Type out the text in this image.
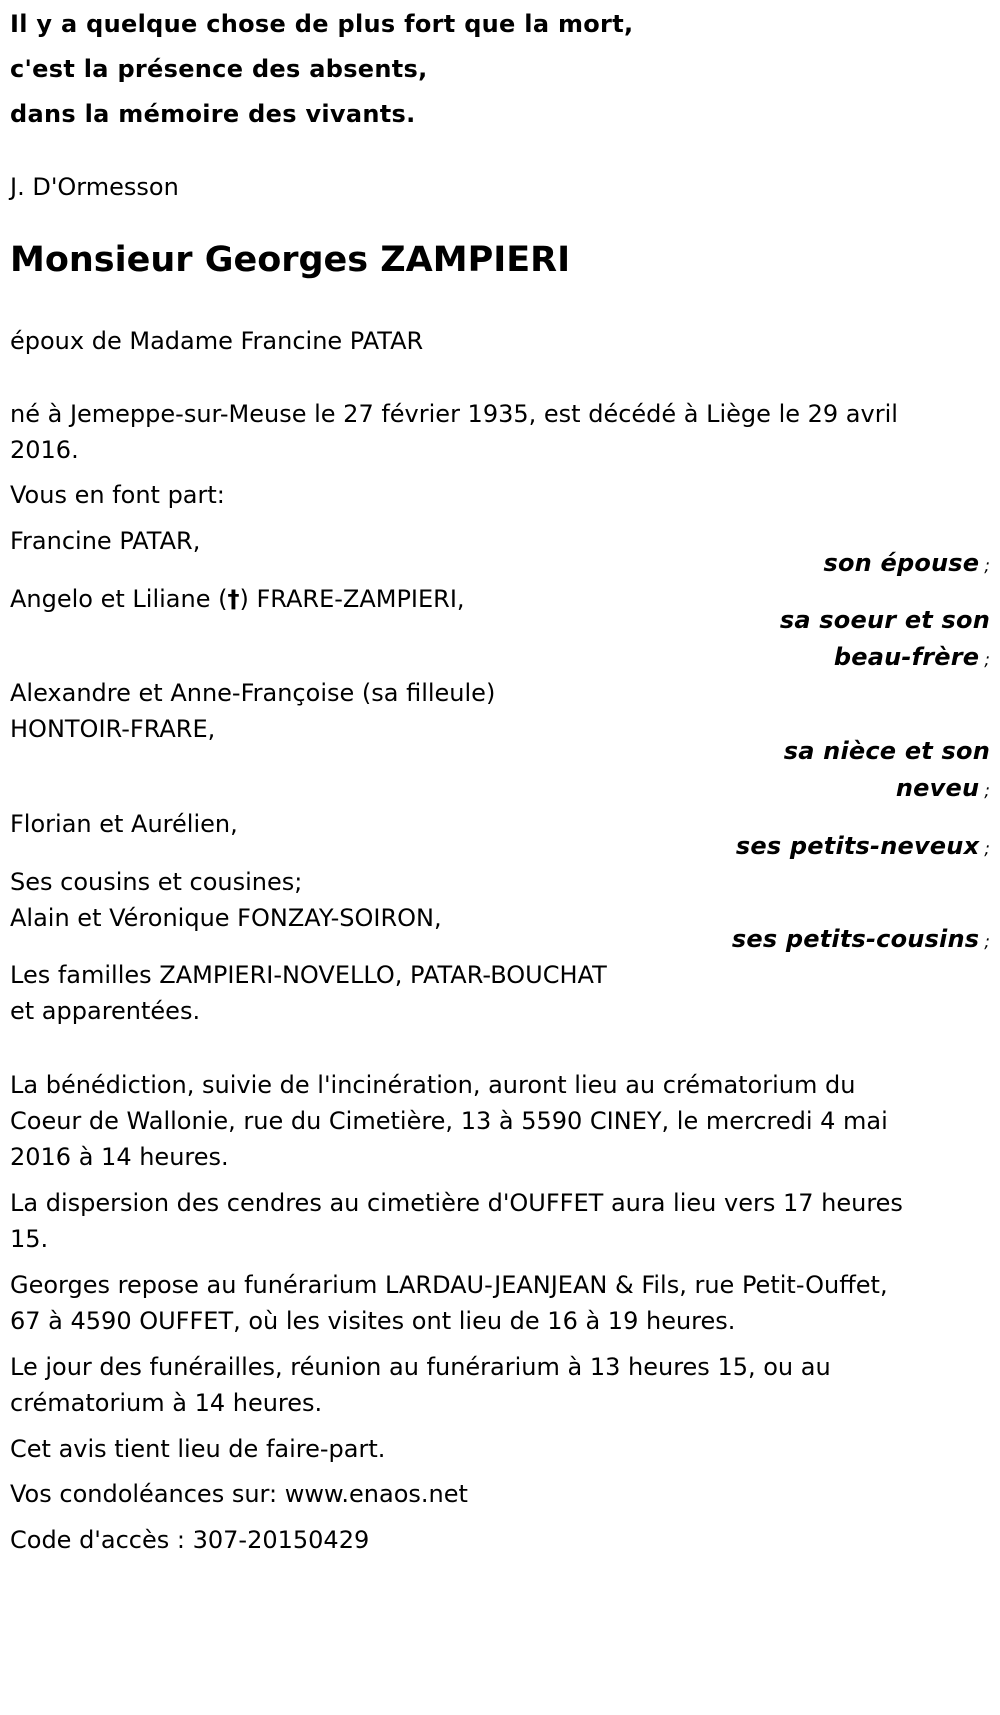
Il y a quelque chose de plus fort que la mort,

c'est la présence des absents,

dans la mémoire des vivants.

J. D'Ormesson

Monsieur Georges ZAMPIERI

époux de Madame Francine PATAR

né à Jemeppe-sur-Meuse le 27 février 1935, est décédé à Liège le 29 avril

2016.

Vous en font part:

Francine PATAR,

son épouse ;

Angelo et Liliane (†) FRARE-ZAMPIERI,

sa soeur et son

beau-frère ;

Alexandre et Anne-Françoise (sa filleule)

HONTOIR-FRARE,

sa nièce et son

neveu ;

Florian et Aurélien,

ses petits-neveux ;

Ses cousins et cousines;

Alain et Véronique FONZAY-SOIRON,

ses petits-cousins ;

Les familles ZAMPIERI-NOVELLO, PATAR-BOUCHAT

et apparentées.

La bénédiction, suivie de l'incinération, auront lieu au crématorium du

Coeur de Wallonie, rue du Cimetière, 13 à 5590 CINEY, le mercredi 4 mai

2016 à 14 heures.

La dispersion des cendres au cimetière d'OUFFET aura lieu vers 17 heures

15.

Georges repose au funérarium LARDAU-JEANJEAN & Fils, rue Petit-Ouffet,

67 à 4590 OUFFET, où les visites ont lieu de 16 à 19 heures.

Le jour des funérailles, réunion au funérarium à 13 heures 15, ou au

crématorium à 14 heures.

Cet avis tient lieu de faire-part.

Vos condoléances sur: www.enaos.net

Code d'accès : 307-20150429
